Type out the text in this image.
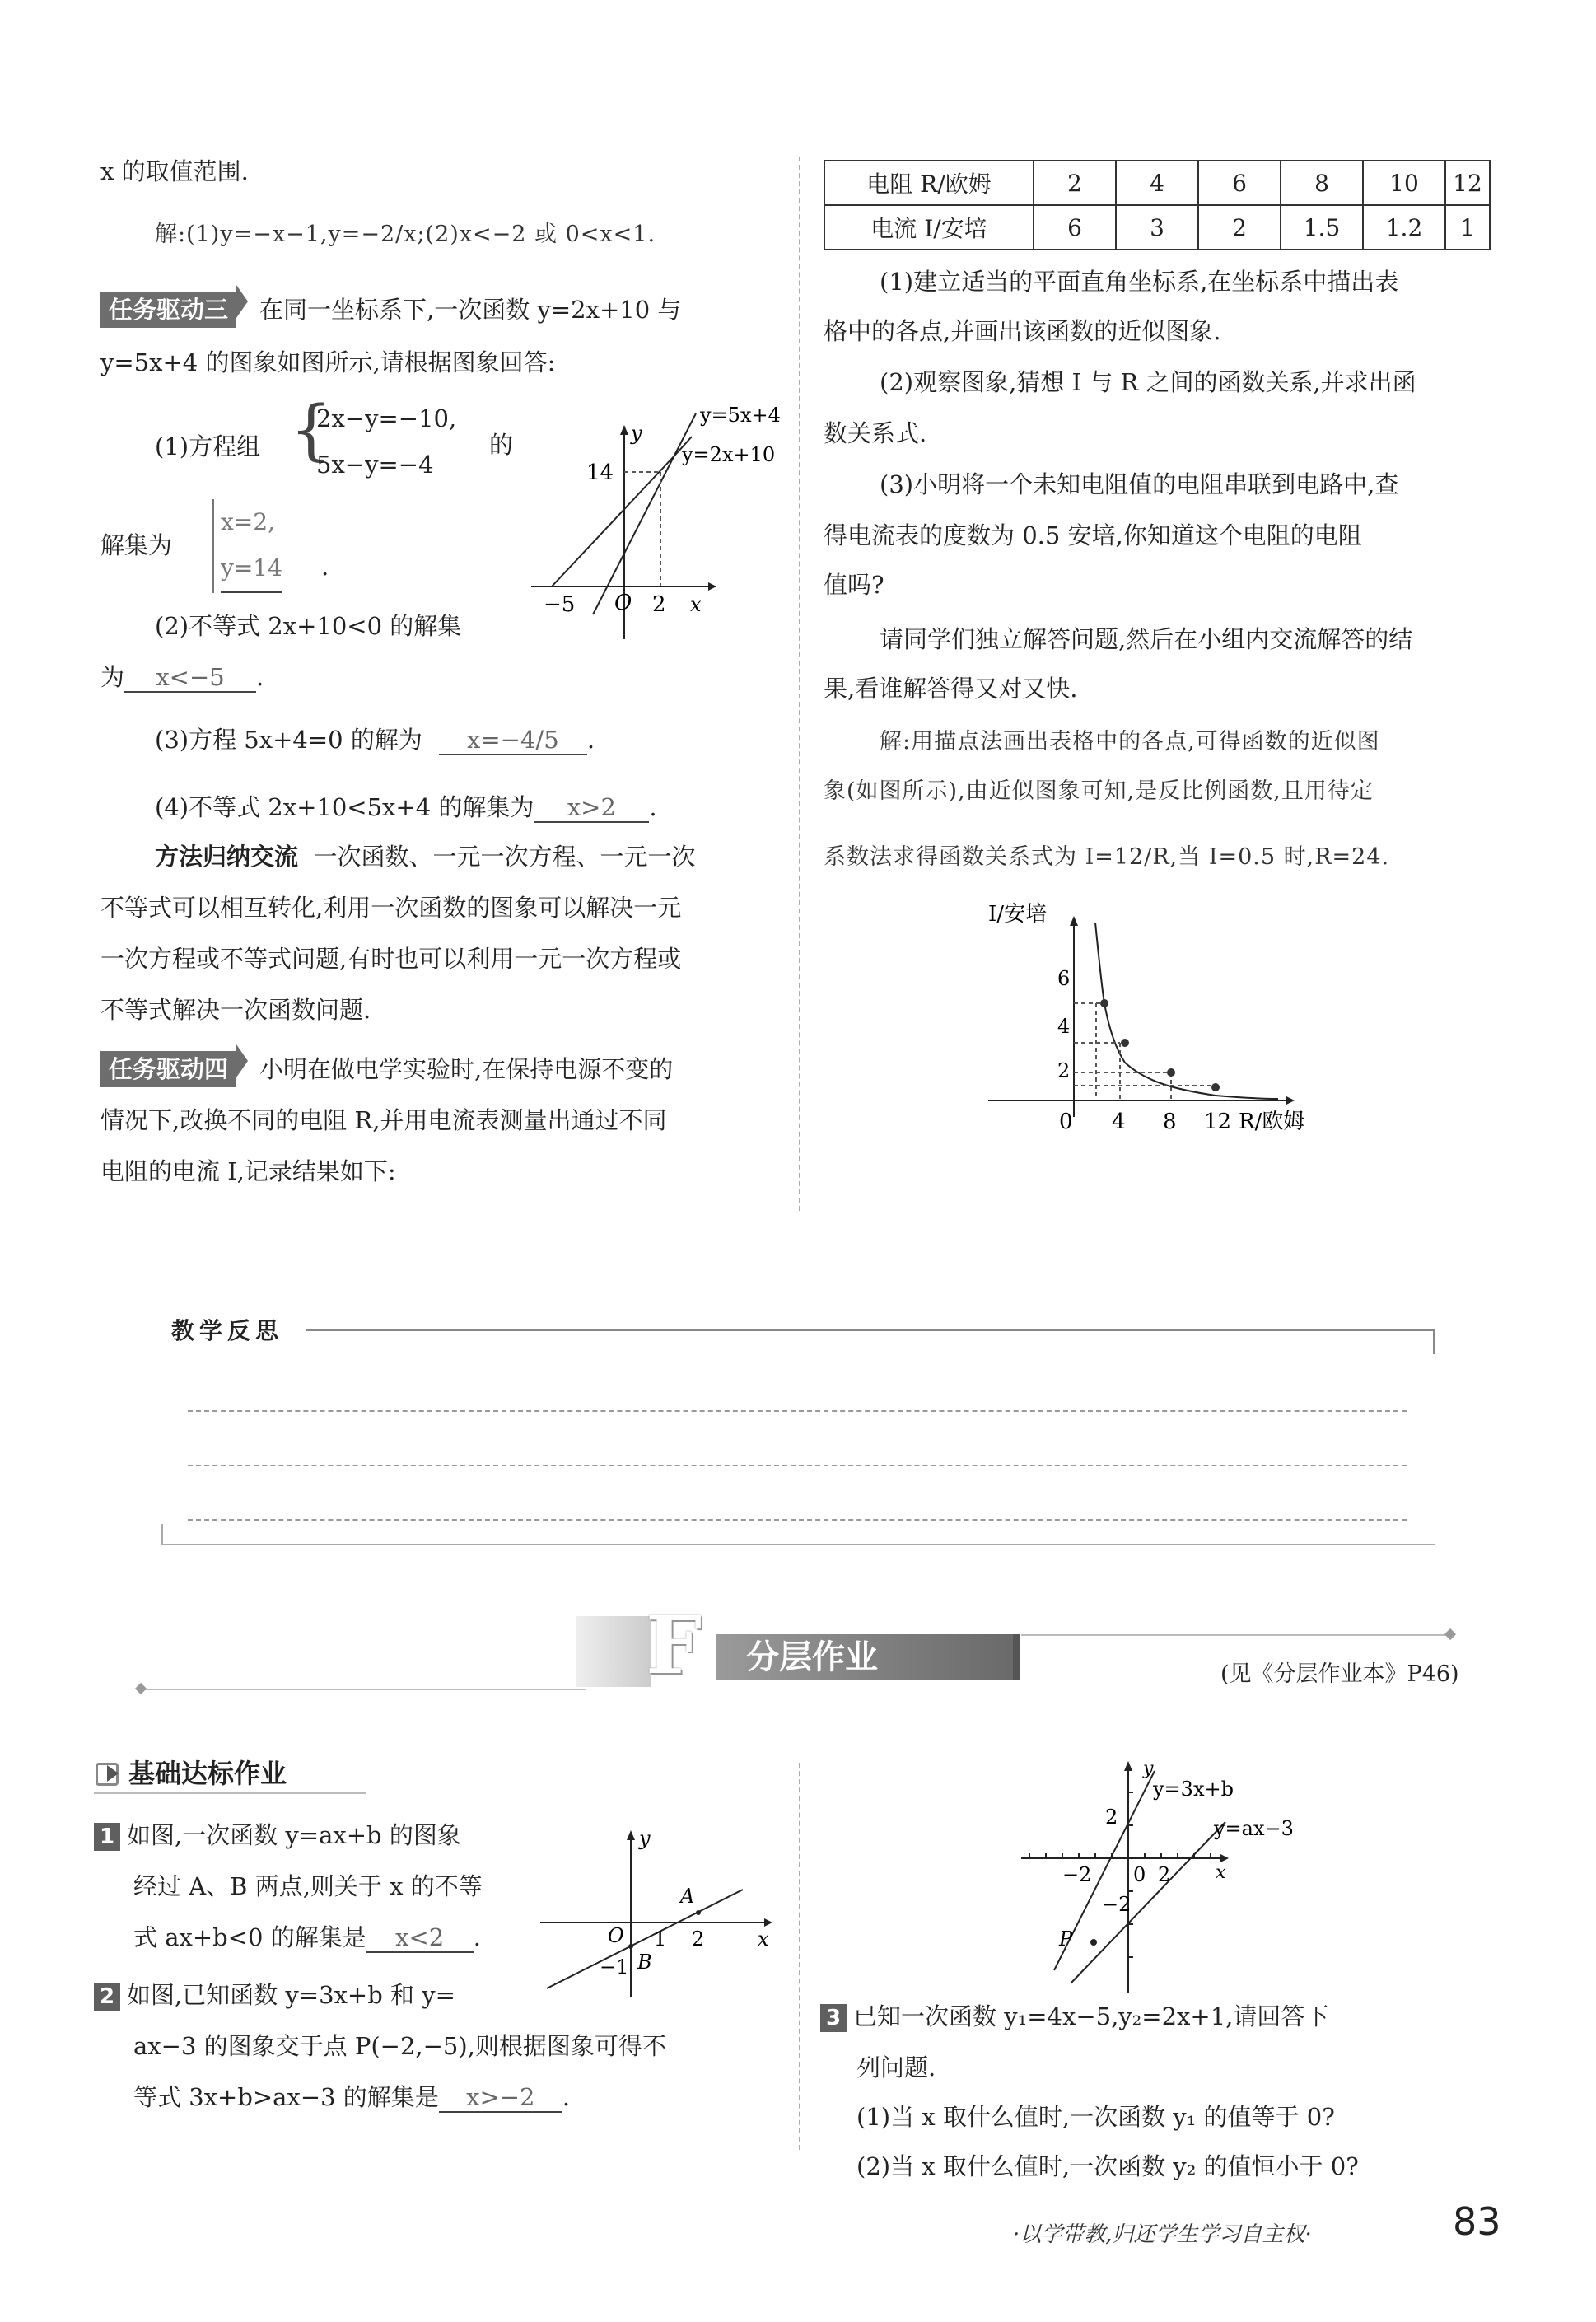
x 的取值范围.
解:(1)y=−x−1,y=−2/x;(2)x<−2 或 0<x<1.
任务驱动三 在同一坐标系下,一次函数 y=2x+10 与
y=5x+4 的图象如图所示,请根据图象回答:
(1)方程组 {
2x−y=−10,
5x−y=−4
的
解集为
x=2,
y=14 .
(2)不等式 2x+10<0 的解集
为 x<−5 .
(3)方程 5x+4=0 的解为 x=−4/5 .
(4)不等式 2x+10<5x+4 的解集为 x>2 .
y=5x+4
y=2x+10
y
14
−5 O 2 x
方法归纳交流 一次函数、一元一次方程、一元一次
不等式可以相互转化,利用一次函数的图象可以解决一元
一次方程或不等式问题,有时也可以利用一元一次方程或
不等式解决一次函数问题.
任务驱动四 小明在做电学实验时,在保持电源不变的
情况下,改换不同的电阻 R,并用电流表测量出通过不同
电阻的电流 I,记录结果如下:
电阻 R/欧姆	2	4	6	8	10	12
电流 I/安培	6	3	2	1.5	1.2	1
(1)建立适当的平面直角坐标系,在坐标系中描出表
格中的各点,并画出该函数的近似图象.
(2)观察图象,猜想 I 与 R 之间的函数关系,并求出函
数关系式.
(3)小明将一个未知电阻值的电阻串联到电路中,查
得电流表的度数为 0.5 安培,你知道这个电阻的电阻
值吗?
请同学们独立解答问题,然后在小组内交流解答的结
果,看谁解答得又对又快.
解:用描点法画出表格中的各点,可得函数的近似图
象(如图所示),由近似图象可知,是反比例函数,且用待定
系数法求得函数关系式为 I=12/R,当 I=0.5 时,R=24.
I/安培
6
4
2
0 4 8 12 R/欧姆
教学反思
F 分层作业	(见《分层作业本》P46)
基础达标作业
1 如图,一次函数 y=ax+b 的图象
经过 A、B 两点,则关于 x 的不等
式 ax+b<0 的解集是 x<2 .
2 如图,已知函数 y=3x+b 和 y=
ax−3 的图象交于点 P(−2,−5),则根据图象可得不
等式 3x+b>ax−3 的解集是 x>−2 .
y
x
O 1 2
−1
A
B
y
y=3x+b
y=ax−3
x
2
−2 0 2
−2
P
3 已知一次函数 y₁=4x−5,y₂=2x+1,请回答下
列问题.
(1)当 x 取什么值时,一次函数 y₁ 的值等于 0?
(2)当 x 取什么值时,一次函数 y₂ 的值恒小于 0?
·以学带教,归还学生学习自主权·	83
